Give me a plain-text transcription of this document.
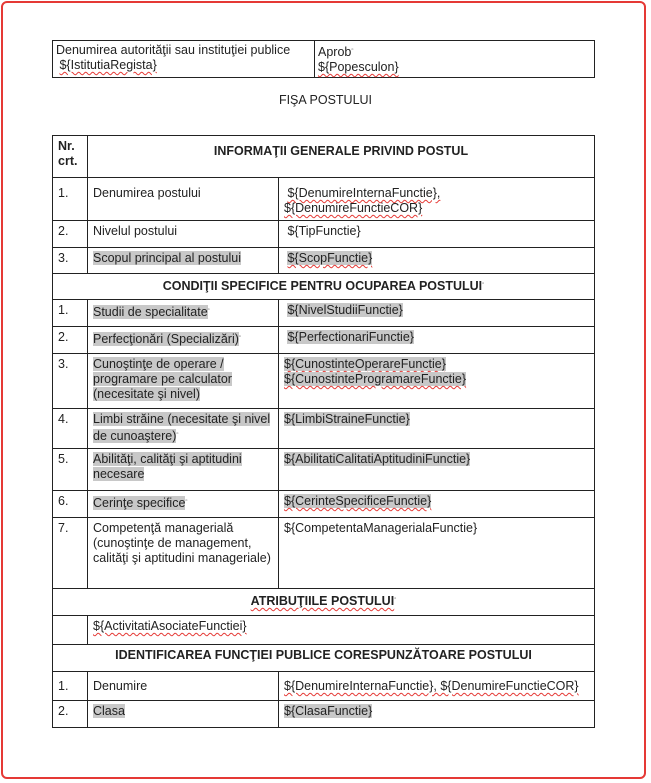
Denumirea autorităţii sau instituţiei publice
${IstitutiaRegista}

Aprob▫
${Popesculon}
FIŞA POSTULUI
Nr. crt.	INFORMAŢII GENERALE PRIVIND POSTUL	
1.	Denumirea postului	${DenumireInternaFunctie},
${DenumireFunctieCOR}
2.	Nivelul postului	${TipFunctie}
3.	Scopul principal al postului	${ScopFunctie}
CONDIŢII SPECIFICE PENTRU OCUPAREA POSTULUI▫
1.	Studii de specialitate▫	${NivelStudiiFunctie}
2.	Perfecţionări (Specializări)▫	${PerfectionariFunctie}
3.	Cunoştinţe de operare / programare pe calculator (necesitate şi nivel)	${CunostinteOperareFunctie}
${CunostinteProgramareFunctie}
4.	Limbi străine (necesitate şi nivel de cunoaştere)▫	${LimbiStraineFunctie}
5.	Abilităţi, calităţi şi aptitudini necesare	${AbilitatiCalitatiAptitudiniFunctie}
6.	Cerinţe specifice▫	${CerinteSpecificeFunctie}
7.	Competenţă managerială (cunoştinţe de management, calităţi şi aptitudini manageriale)	${CompetentaManagerialaFunctie}
ATRIBUŢIILE POSTULUI▫
	${ActivitatiAsociateFunctiei}	
IDENTIFICAREA FUNCŢIEI PUBLICE CORESPUNZĂTOARE POSTULUI		
1.	Denumire	${DenumireInternaFunctie}, ${DenumireFunctieCOR}
2.	Clasa	${ClasaFunctie}
